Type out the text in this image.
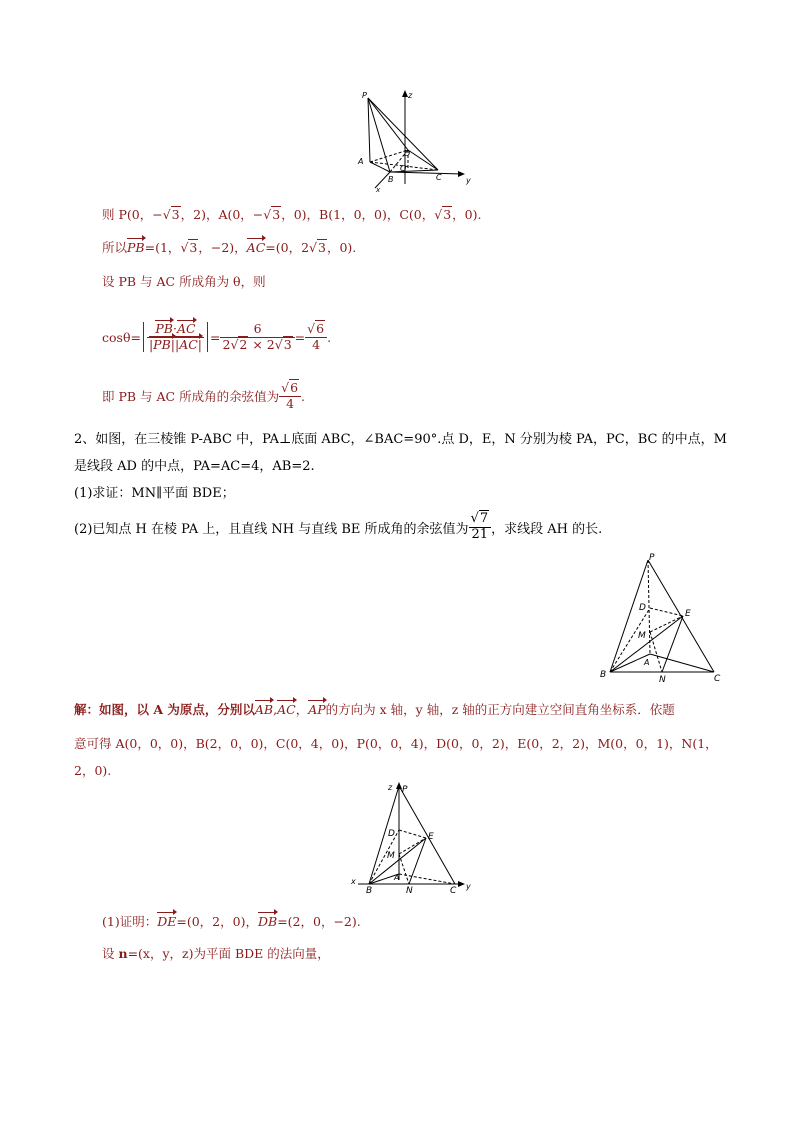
P	z
A
D
O
B	C
x
y
则 P(0，−√3，2)，A(0，−√3，0)，B(1，0，0)，C(0，√3，0).
所以PB=(1，√3，−2)，AC=(0，2√3，0).
设 PB 与 AC 所成角为 θ，则
$\cos\theta= \frac{PB\cdot AC}{|PB||AC|} = \frac{6}{2√2 \times 2√3} = \frac{√6}{4}$ .
即 PB 与 AC 所成角的余弦值为 $\frac{√6}{4}$ .
2、如图，在三棱锥 P-ABC 中，PA⊥底面 ABC，∠BAC=90°.点 D，E，N 分别为棱 PA，PC，BC 的中点，M
是线段 AD 的中点，PA=AC=4，AB=2.
(1)求证：MN∥平面 BDE；
(2)已知点 H 在棱 PA 上，且直线 NH 与直线 BE 所成角的余弦值为 $\frac{√7}{21}$ ，求线段 AH 的长.
P
D
E
M
A
B	N	C
解：如图，以 A 为原点，分别以AB,AC，AP的方向为 x 轴，y 轴，z 轴的正方向建立空间直角坐标系．依题
意可得 A(0，0，0)，B(2，0，0)，C(0，4，0)，P(0，0，4)，D(0，0，2)，E(0，2，2)，M(0，0，1)，N(1，
2，0).
z P
D	E
M
A
x
B	N	C y
(1)证明：DE=(0，2，0)，DB=(2，0，−2).
设 n=(x，y，z)为平面 BDE 的法向量，
